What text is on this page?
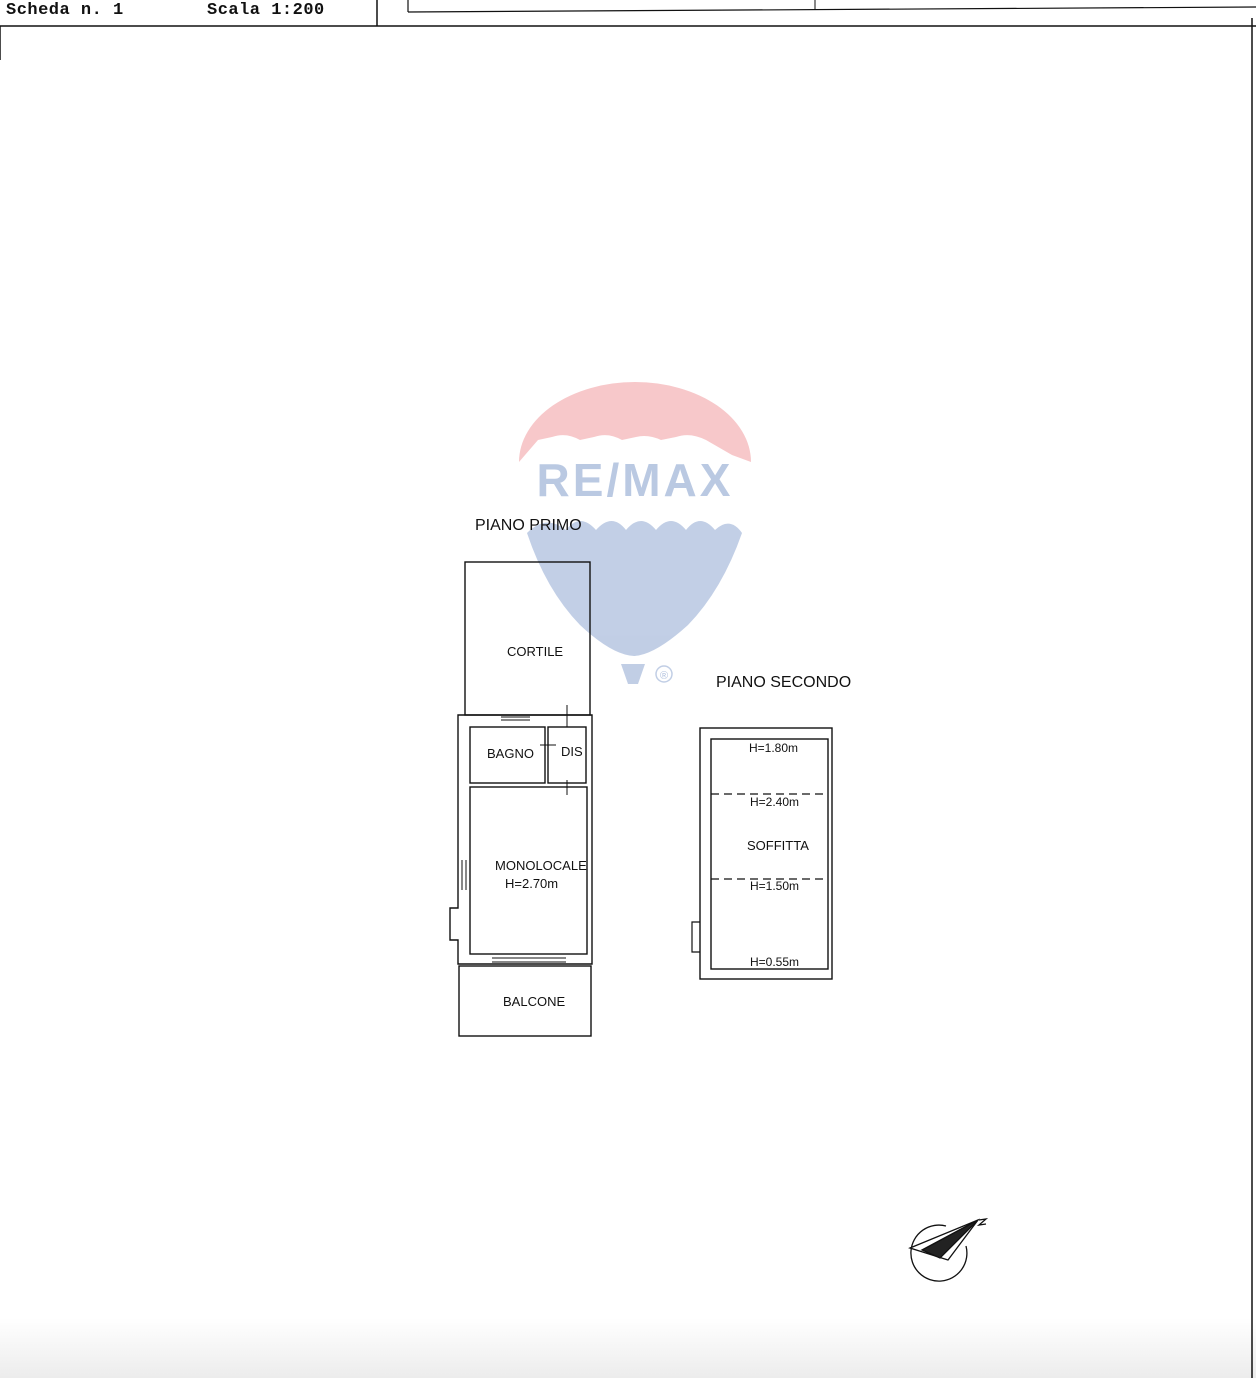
RE/MAX
®
Scheda n. 1	Scala 1:200
PIANO PRIMO
CORTILE
BAGNO DIS
MONOLOCALE
H=2.70m
BALCONE
PIANO SECONDO
H=1.80m
H=2.40m
SOFFITTA
H=1.50m
H=0.55m
